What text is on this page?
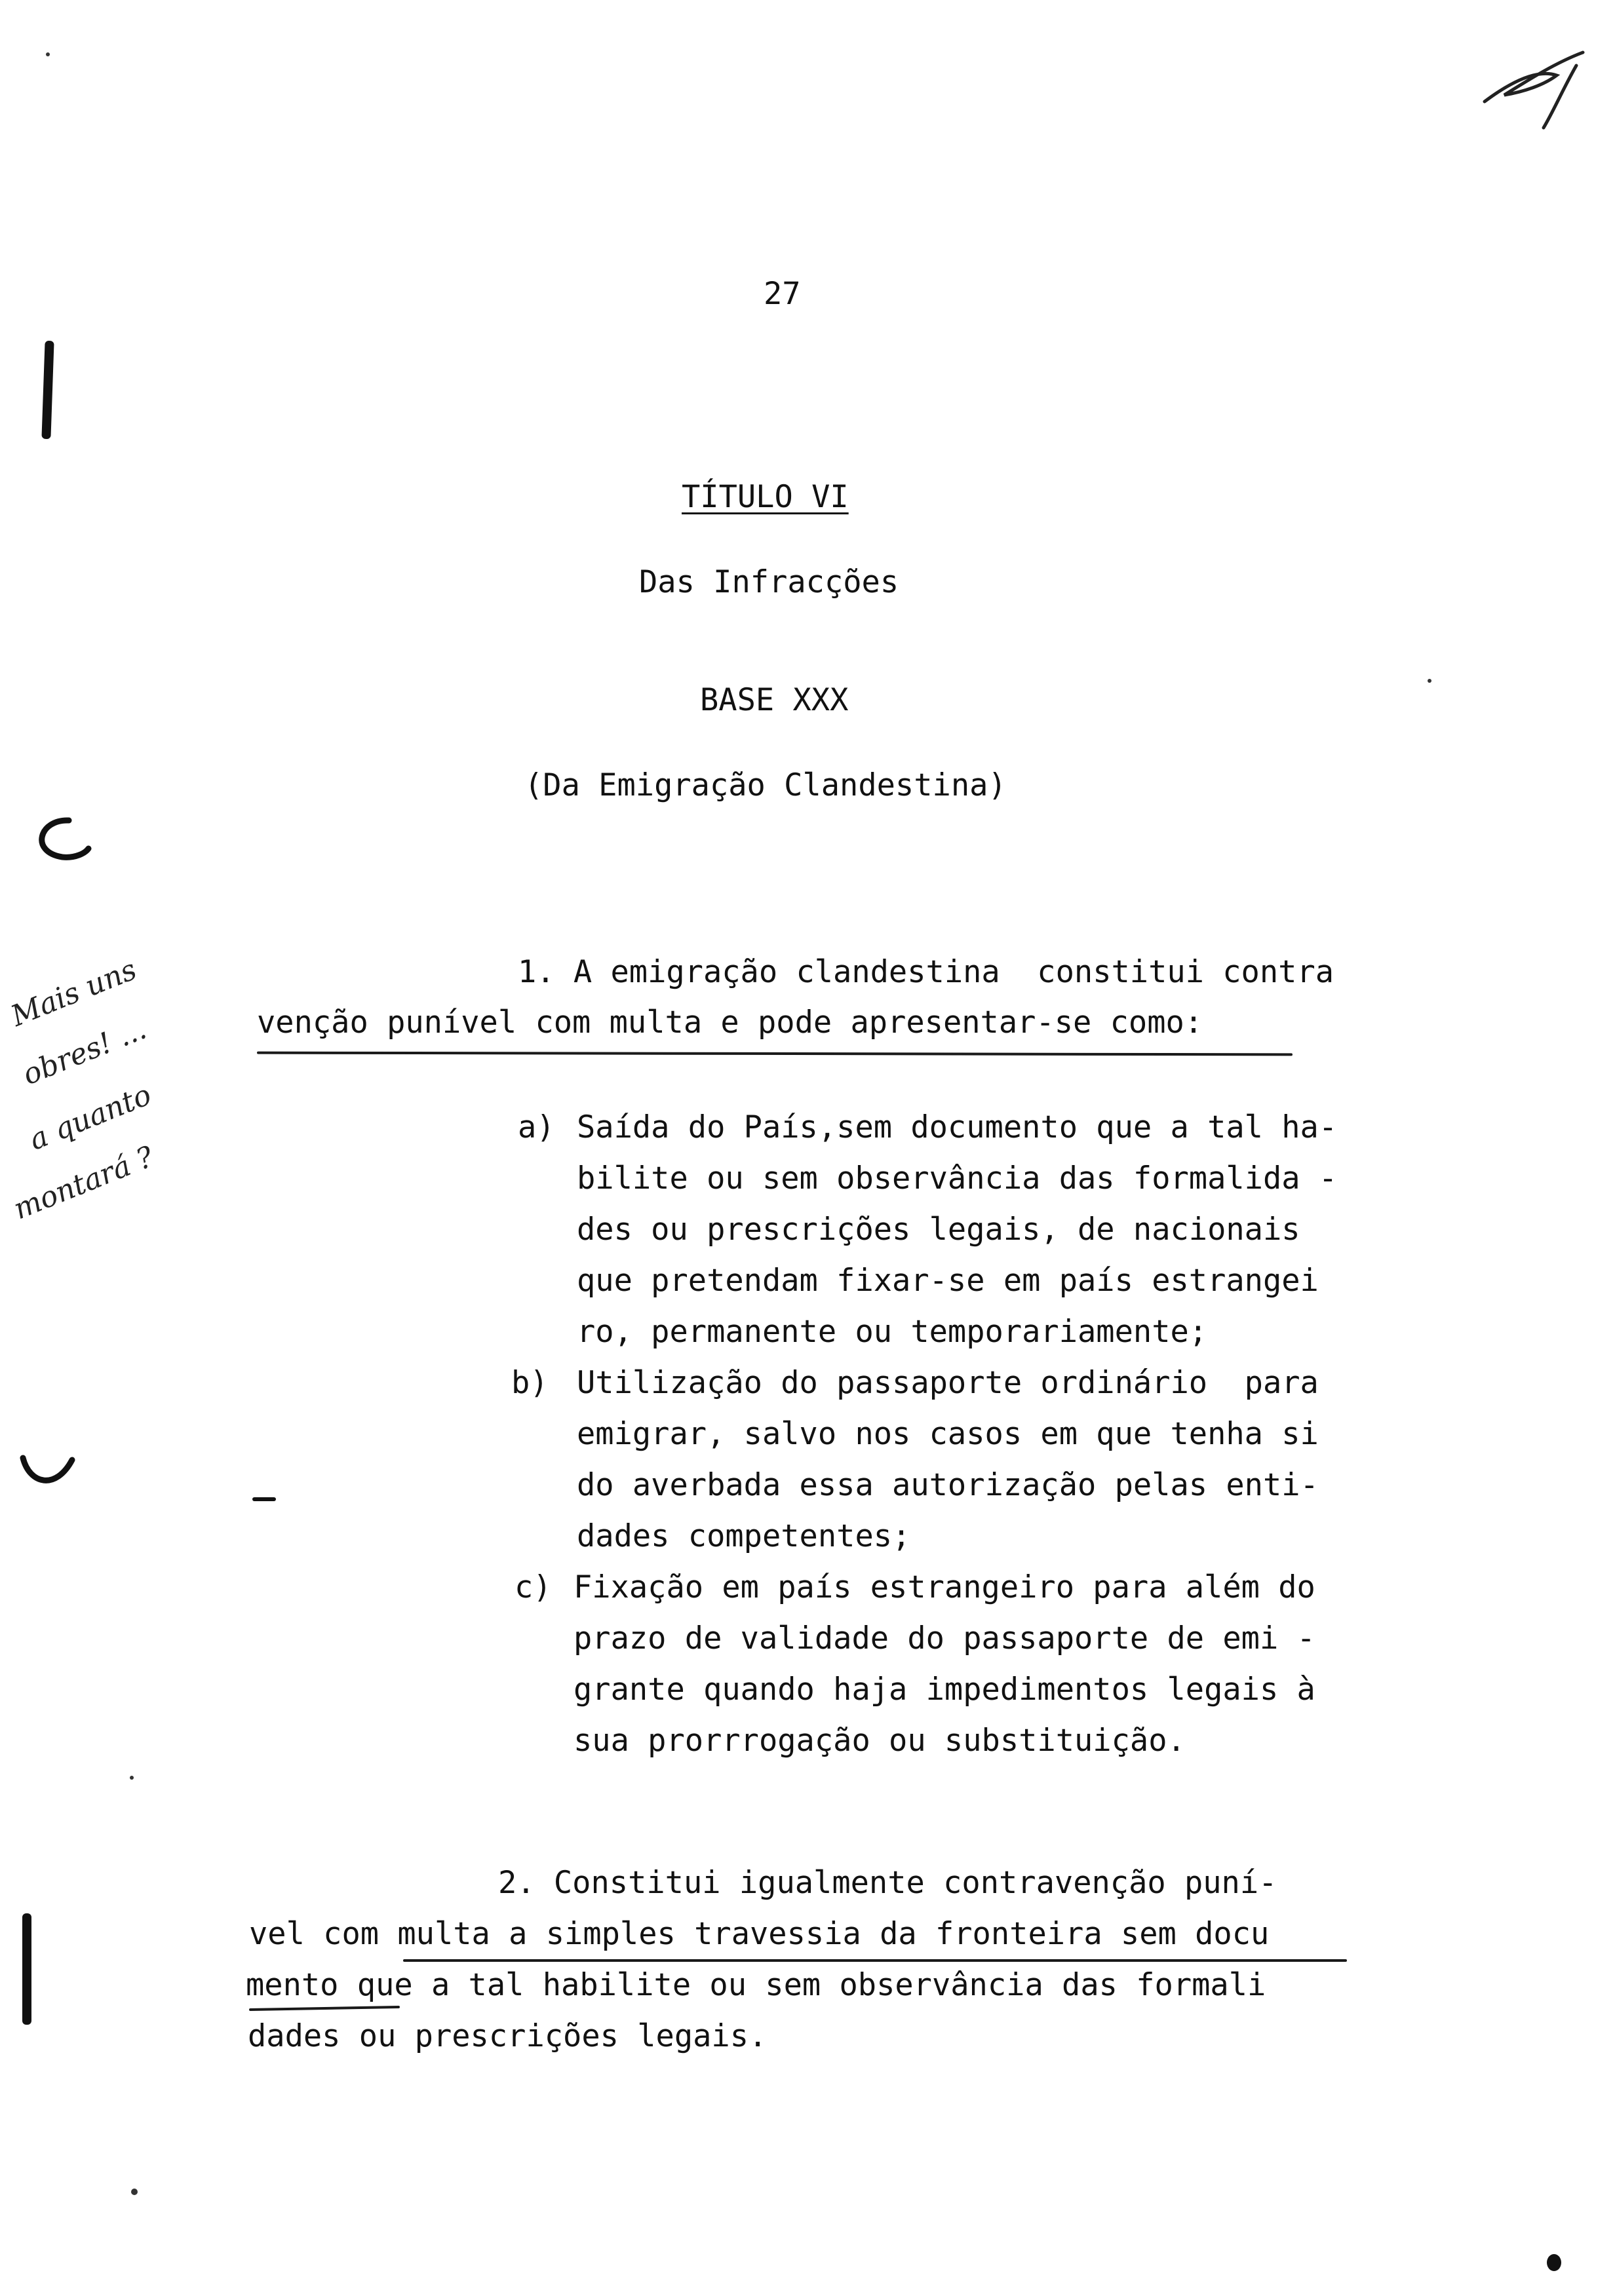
27
TÍTULO VI
Das Infracções
BASE XXX
(Da Emigração Clandestina)
1. A emigração clandestina  constitui contra
venção punível com multa e pode apresentar-se como:
a) Saída do País,sem documento que a tal ha-
bilite ou sem observância das formalida -
des ou prescrições legais, de nacionais
que pretendam fixar-se em país estrangei
ro, permanente ou temporariamente;
b) Utilização do passaporte ordinário  para
emigrar, salvo nos casos em que tenha si
do averbada essa autorização pelas enti-
dades competentes;
c) Fixação em país estrangeiro para além do
prazo de validade do passaporte de emi -
grante quando haja impedimentos legais à
sua prorrrogação ou substituição.
2. Constitui igualmente contravenção puní-
vel com multa a simples travessia da fronteira sem docu
mento que a tal habilite ou sem observância das formali
dades ou prescrições legais.
Mais uns
obres! ...
a quanto
montará ?
